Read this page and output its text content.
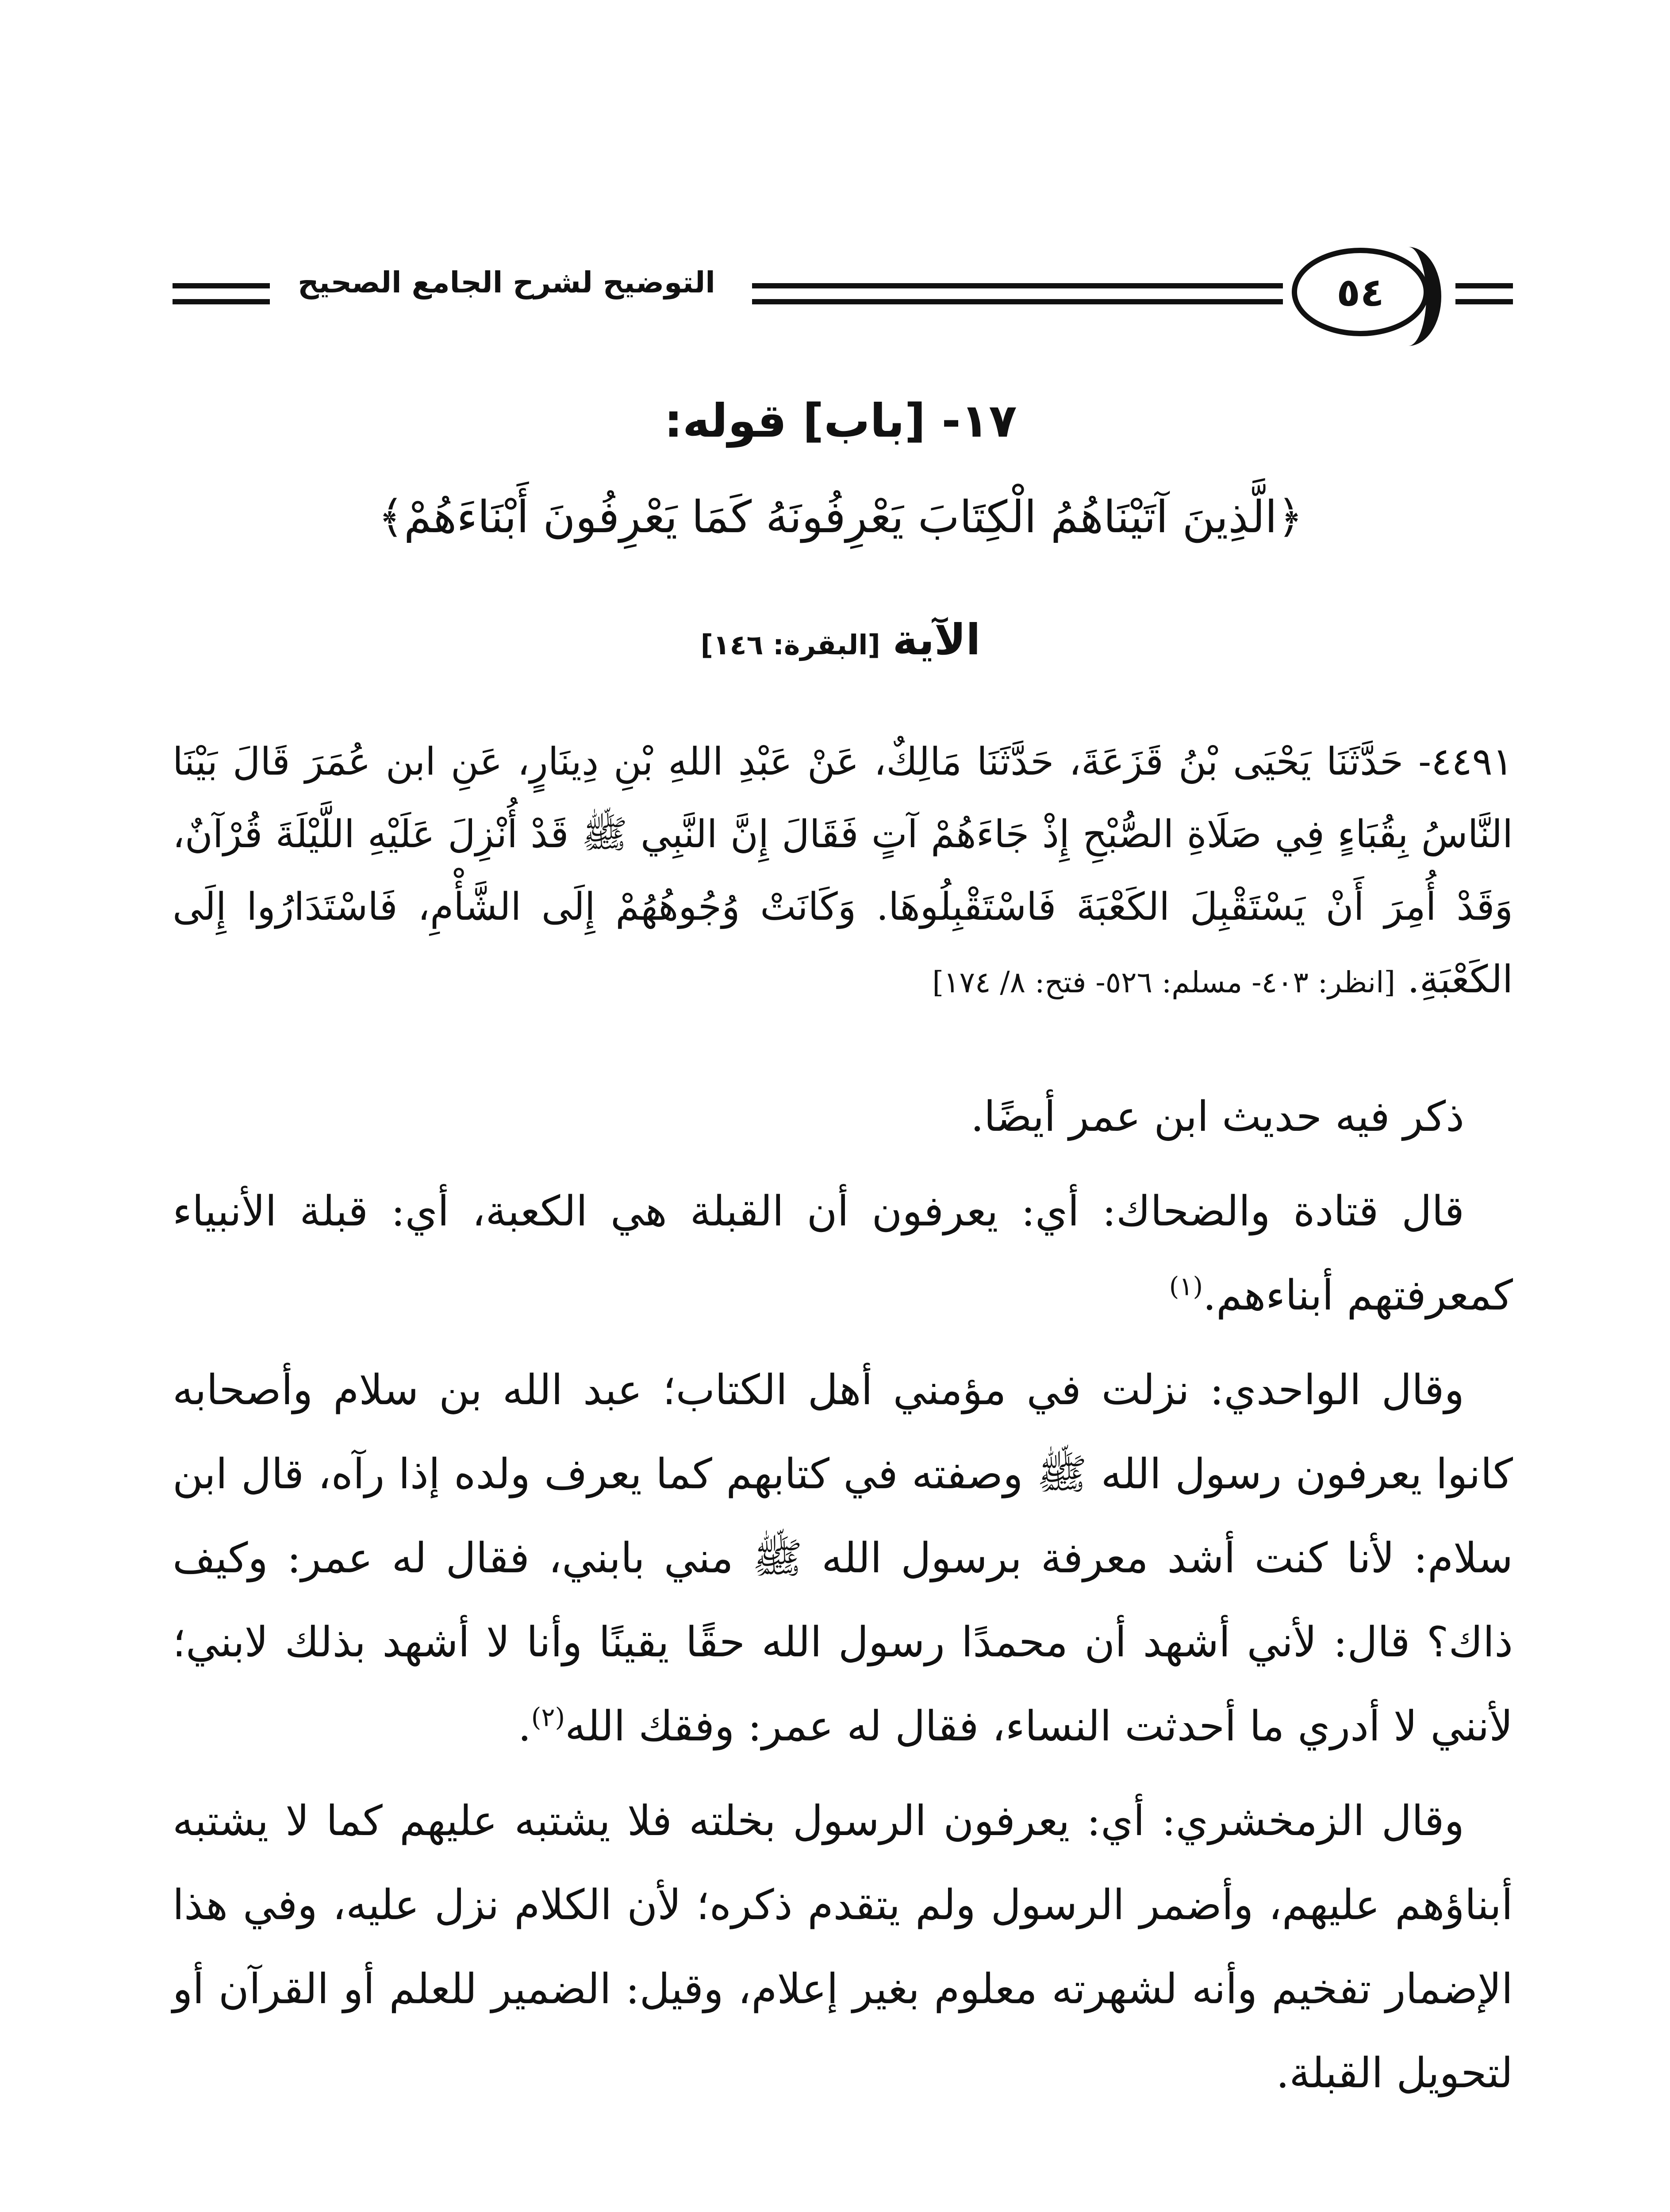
التوضيح لشرح الجامع الصحيح	٥٤
١٧- [باب] قوله:
﴿الَّذِينَ آتَيْنَاهُمُ الْكِتَابَ يَعْرِفُونَهُ كَمَا يَعْرِفُونَ أَبْنَاءَهُمْ﴾
الآية [البقرة: ١٤٦]
٤٤٩١- حَدَّثَنَا يَحْيَى بْنُ قَزَعَةَ، حَدَّثَنَا مَالِكٌ، عَنْ عَبْدِ اللهِ بْنِ دِينَارٍ، عَنِ ابن عُمَرَ قَالَ بَيْنَا النَّاسُ بِقُبَاءٍ فِي صَلَاةِ الصُّبْحِ إِذْ جَاءَهُمْ آتٍ فَقَالَ إِنَّ النَّبِي ﷺ قَدْ أُنْزِلَ عَلَيْهِ اللَّيْلَةَ قُرْآنٌ، وَقَدْ أُمِرَ أَنْ يَسْتَقْبِلَ الكَعْبَةَ فَاسْتَقْبِلُوهَا. وَكَانَتْ وُجُوهُهُمْ إِلَى الشَّأْمِ، فَاسْتَدَارُوا إِلَى الكَعْبَةِ. [انظر: ٤٠٣- مسلم: ٥٢٦- فتح: ٨/ ١٧٤]

ذكر فيه حديث ابن عمر أيضًا.

قال قتادة والضحاك: أي: يعرفون أن القبلة هي الكعبة، أي: قبلة الأنبياء كمعرفتهم أبناءهم.$^{(١)}$

وقال الواحدي: نزلت في مؤمني أهل الكتاب؛ عبد الله بن سلام وأصحابه كانوا يعرفون رسول الله ﷺ وصفته في كتابهم كما يعرف ولده إذا رآه، قال ابن سلام: لأنا كنت أشد معرفة برسول الله ﷺ مني بابني، فقال له عمر: وكيف ذاك؟ قال: لأني أشهد أن محمدًا رسول الله حقًا يقينًا وأنا لا أشهد بذلك لابني؛ لأنني لا أدري ما أحدثت النساء، فقال له عمر: وفقك الله$^{(٢)}$.

وقال الزمخشري: أي: يعرفون الرسول بخلته فلا يشتبه عليهم كما لا يشتبه أبناؤهم عليهم، وأضمر الرسول ولم يتقدم ذكره؛ لأن الكلام نزل عليه، وفي هذا الإضمار تفخيم وأنه لشهرته معلوم بغير إعلام، وقيل: الضمير للعلم أو القرآن أو لتحويل القبلة.
